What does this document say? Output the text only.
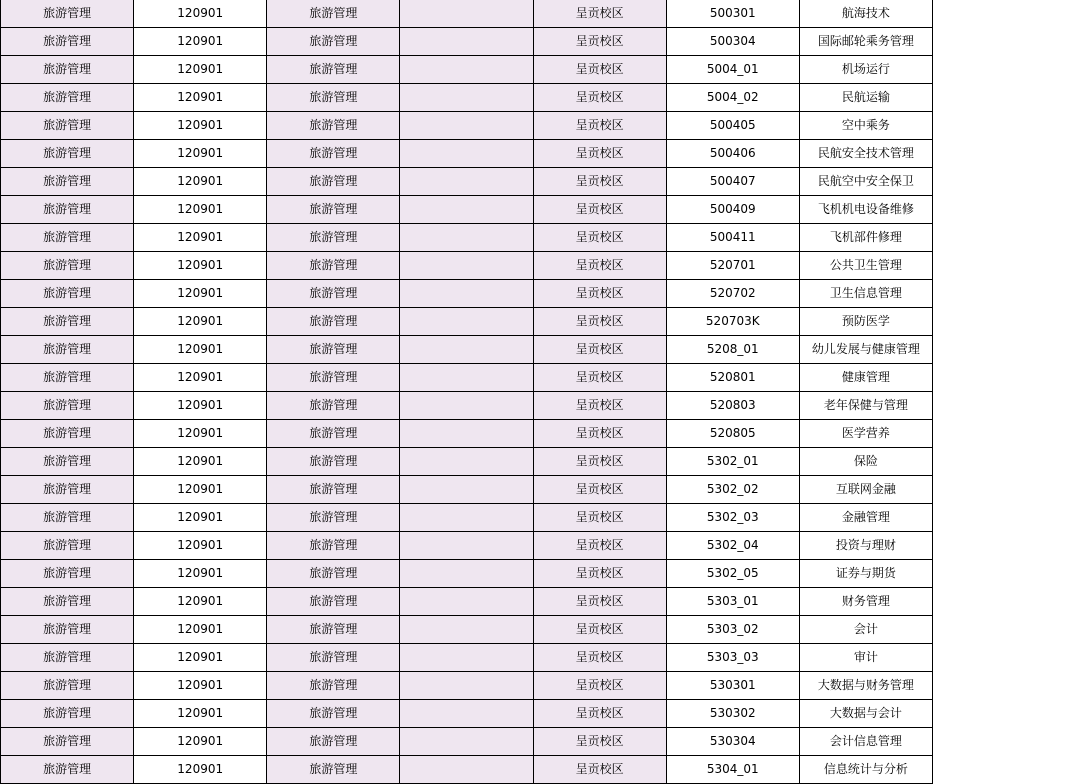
旅游管理	120901	旅游管理		呈贡校区	500301	航海技术
旅游管理	120901	旅游管理		呈贡校区	500304	国际邮轮乘务管理
旅游管理	120901	旅游管理		呈贡校区	5004_01	机场运行
旅游管理	120901	旅游管理		呈贡校区	5004_02	民航运输
旅游管理	120901	旅游管理		呈贡校区	500405	空中乘务
旅游管理	120901	旅游管理		呈贡校区	500406	民航安全技术管理
旅游管理	120901	旅游管理		呈贡校区	500407	民航空中安全保卫
旅游管理	120901	旅游管理		呈贡校区	500409	飞机机电设备维修
旅游管理	120901	旅游管理		呈贡校区	500411	飞机部件修理
旅游管理	120901	旅游管理		呈贡校区	520701	公共卫生管理
旅游管理	120901	旅游管理		呈贡校区	520702	卫生信息管理
旅游管理	120901	旅游管理		呈贡校区	520703K	预防医学
旅游管理	120901	旅游管理		呈贡校区	5208_01	幼儿发展与健康管理
旅游管理	120901	旅游管理		呈贡校区	520801	健康管理
旅游管理	120901	旅游管理		呈贡校区	520803	老年保健与管理
旅游管理	120901	旅游管理		呈贡校区	520805	医学营养
旅游管理	120901	旅游管理		呈贡校区	5302_01	保险
旅游管理	120901	旅游管理		呈贡校区	5302_02	互联网金融
旅游管理	120901	旅游管理		呈贡校区	5302_03	金融管理
旅游管理	120901	旅游管理		呈贡校区	5302_04	投资与理财
旅游管理	120901	旅游管理		呈贡校区	5302_05	证券与期货
旅游管理	120901	旅游管理		呈贡校区	5303_01	财务管理
旅游管理	120901	旅游管理		呈贡校区	5303_02	会计
旅游管理	120901	旅游管理		呈贡校区	5303_03	审计
旅游管理	120901	旅游管理		呈贡校区	530301	大数据与财务管理
旅游管理	120901	旅游管理		呈贡校区	530302	大数据与会计
旅游管理	120901	旅游管理		呈贡校区	530304	会计信息管理
旅游管理	120901	旅游管理		呈贡校区	5304_01	信息统计与分析
